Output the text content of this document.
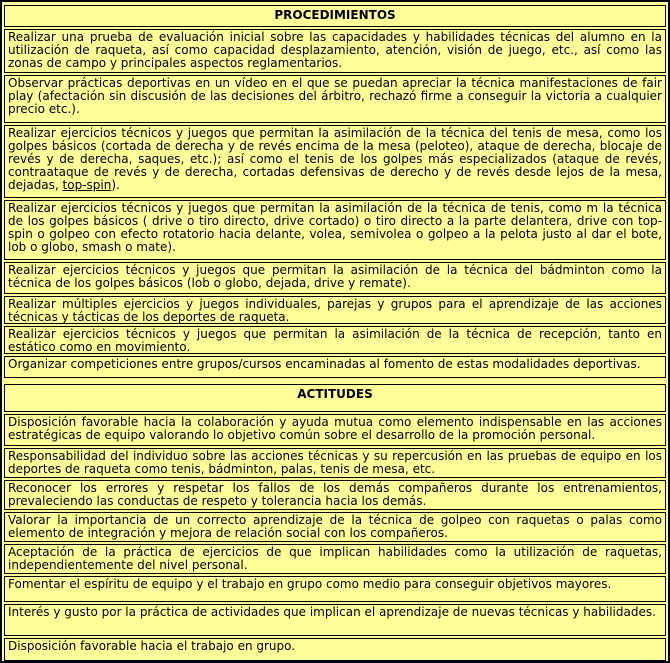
PROCEDIMIENTOS
Realizar una prueba de evaluación inicial sobre las capacidades y habilidades técnicas del alumno en la utilización de raqueta, así como capacidad desplazamiento, atención, visión de juego, etc., así como las zonas de campo y principales aspectos reglamentarios.
Observar prácticas deportivas en un vídeo en el que se puedan apreciar la técnica manifestaciones de fair play (afectación sin discusión de las decisiones del árbitro, rechazó firme a conseguir la victoria a cualquier precio etc.).
Realizar ejercicios técnicos y juegos que permitan la asimilación de la técnica del tenis de mesa, como los golpes básicos (cortada de derecha y de revés encima de la mesa (peloteo), ataque de derecha, blocaje de revés y de derecha, saques, etc.); así como el tenis de los golpes más especializados (ataque de revés, contraataque de revés y de derecha, cortadas defensivas de derecho y de revés desde lejos de la mesa, dejadas, top-spin).
Realizar ejercicios técnicos y juegos que permitan la asimilación de la técnica de tenis, como m la técnica de los golpes básicos ( drive o tiro directo, drive cortado) o tiro directo a la parte delantera, drive con top-spin o golpeo con efecto rotatorio hacia delante, volea, semivolea o golpeo a la pelota justo al dar el bote, lob o globo, smash o mate).
Realizar ejercicios técnicos y juegos que permitan la asimilación de la técnica del bádminton como la técnica de los golpes básicos (lob o globo, dejada, drive y remate).
Realizar múltiples ejercicios y juegos individuales, parejas y grupos para el aprendizaje de las acciones técnicas y tácticas de los deportes de raqueta.
Realizar ejercicios técnicos y juegos que permitan la asimilación de la técnica de recepción, tanto en estático como en movimiento.
Organizar competiciones entre grupos/cursos encaminadas al fomento de estas modalidades deportivas.
ACTITUDES
Disposición favorable hacia la colaboración y ayuda mutua como elemento indispensable en las acciones estratégicas de equipo valorando lo objetivo común sobre el desarrollo de la promoción personal.
Responsabilidad del individuo sobre las acciones técnicas y su repercusión en las pruebas de equipo en los deportes de raqueta como tenis, bádminton, palas, tenis de mesa, etc.
Reconocer los errores y respetar los fallos de los demás compañeros durante los entrenamientos, prevaleciendo las conductas de respeto y tolerancia hacia los demás.
Valorar la importancia de un correcto aprendizaje de la técnica de golpeo con raquetas o palas como elemento de integración y mejora de relación social con los compañeros.
Aceptación de la práctica de ejercicios de que implican habilidades como la utilización de raquetas, independientemente del nivel personal.
Fomentar el espíritu de equipo y el trabajo en grupo como medio para conseguir objetivos mayores.
Interés y gusto por la práctica de actividades que implican el aprendizaje de nuevas técnicas y habilidades.
Disposición favorable hacia el trabajo en grupo.
